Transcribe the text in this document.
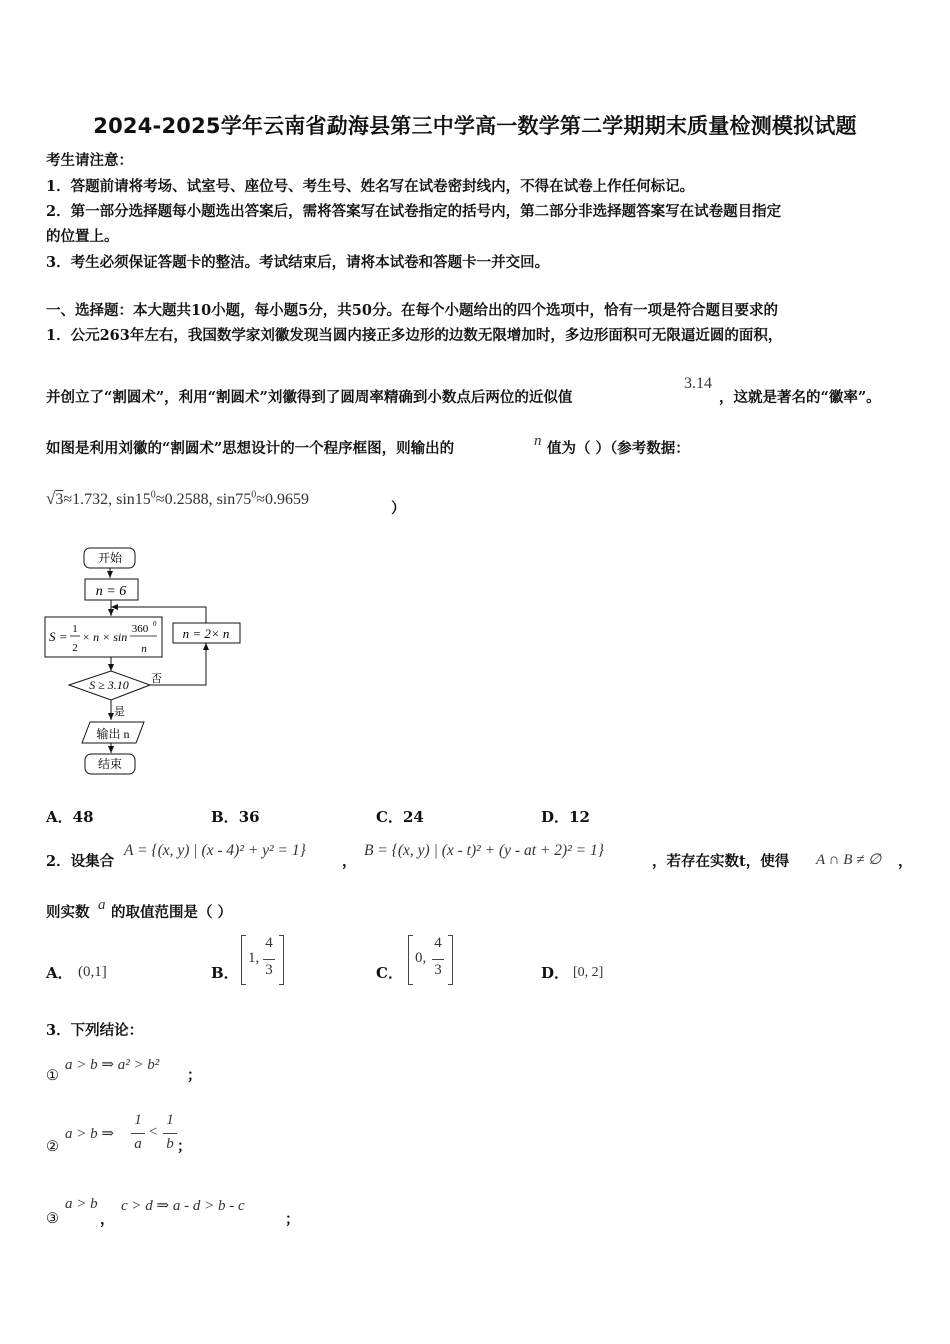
2024-2025学年云南省勐海县第三中学高一数学第二学期期末质量检测模拟试题
考生请注意：
1．答题前请将考场、试室号、座位号、考生号、姓名写在试卷密封线内，不得在试卷上作任何标记。
2．第一部分选择题每小题选出答案后，需将答案写在试卷指定的括号内，第二部分非选择题答案写在试卷题目指定
的位置上。
3．考生必须保证答题卡的整洁。考试结束后，请将本试卷和答题卡一并交回。
一、选择题：本大题共10小题，每小题5分，共50分。在每个小题给出的四个选项中，恰有一项是符合题目要求的
1．公元263年左右，我国数学家刘徽发现当圆内接正多边形的边数无限增加时，多边形面积可无限逼近圆的面积，
并创立了“割圆术”，利用“割圆术”刘徽得到了圆周率精确到小数点后两位的近似值
3.14
，这就是著名的“徽率”。
如图是利用刘徽的“割圆术”思想设计的一个程序框图，则输出的	n 值为（ ）（参考数据：
√3≈1.732, $\sin 15^0\approx 0.2588$, $\sin 75^0\approx 0.9659$
）
开始
n = 6
S = 1
2
× n × sin
360 0
n
S ≥ 3.10 否
n = 2× n
是
输出 n
结束
A．48	B．36	C．24	D．12
2．设集合
A = {(x, y) | (x - 4)² + y² = 1}
，
B = {(x, y) | (x - t)² + (y - at + 2)² = 1}
，若存在实数t，使得 A ∩ B ≠ ∅ ，
则实数 a 的取值范围是（ ）
A． (0,1]	B．
1,
4
3	C．
0,
4
3	D． [0, 2]
3．下列结论：
①
a > b ⇒ a² > b²
；
②
a > b ⇒
1
a
<
1
b ；
③
a > b
，
c > d ⇒ a - d > b - c
；
